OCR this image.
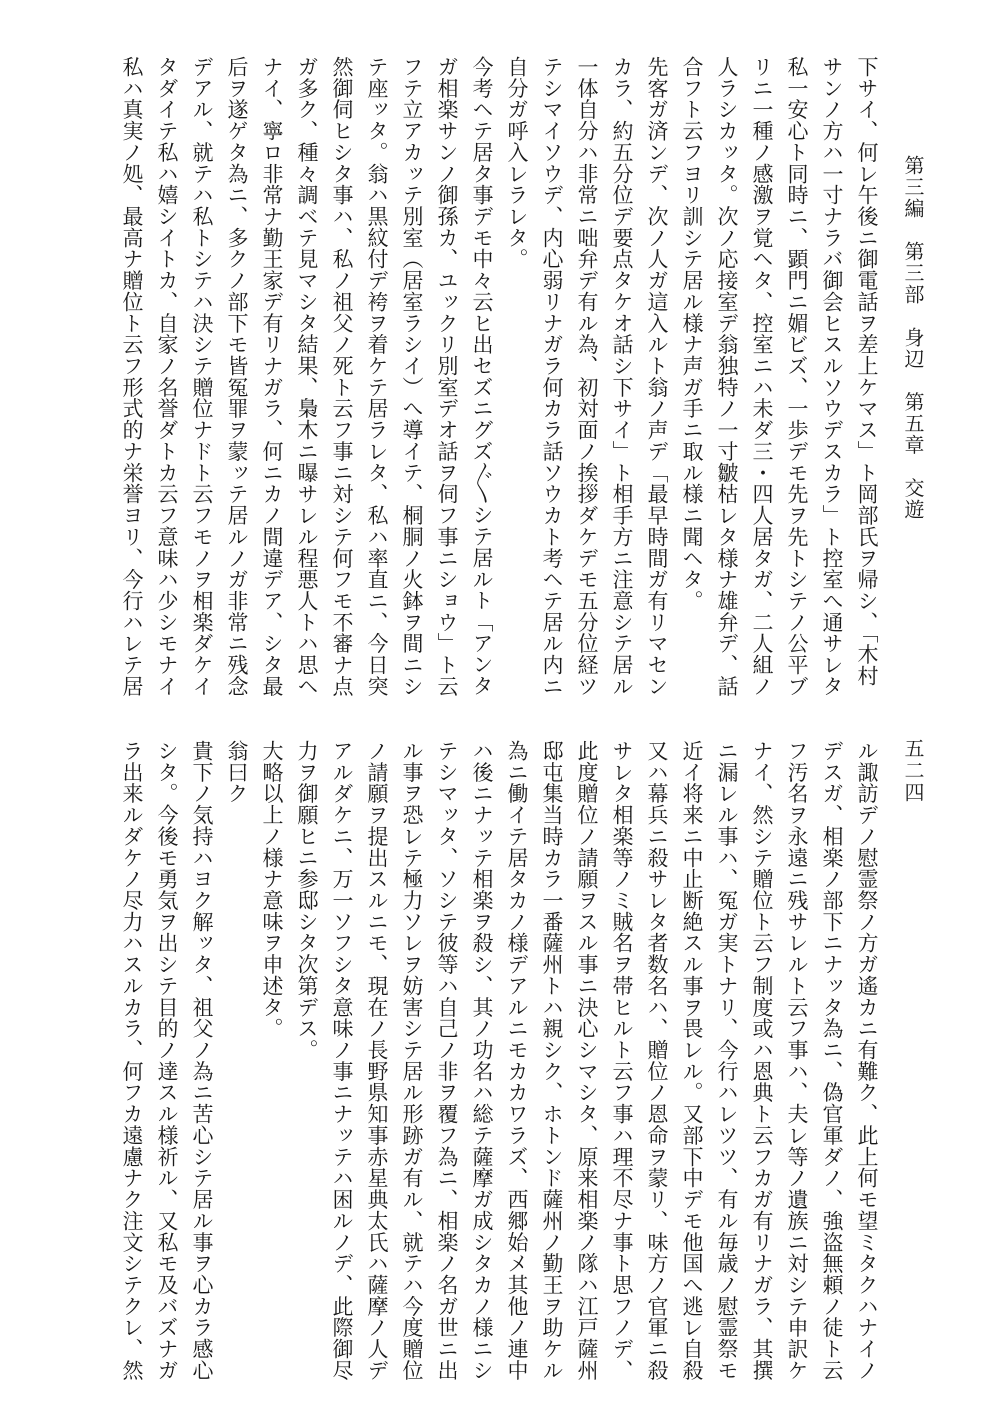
第三編　第三部　身辺　第五章　交遊
五二四
下サイ、何レ午後ニ御電話ヲ差上ケマス」ト岡部氏ヲ帰シ、「木村
サンノ方ハ一寸ナラバ御会ヒスルソウデスカラ」ト控室へ通サレタ
私一安心ト同時ニ、顕門ニ媚ビズ、一歩デモ先ヲ先トシテノ公平ブ
リニ一種ノ感激ヲ覚ヘタ、控室ニハ未ダ三・四人居タガ、二人組ノ
人ラシカッタ。次ノ応接室デ翁独特ノ一寸皺枯レタ様ナ雄弁デ、話
合フト云フヨリ訓シテ居ル様ナ声ガ手ニ取ル様ニ聞ヘタ。
先客ガ済ンデ、次ノ人ガ這入ルト翁ノ声デ「最早時間ガ有リマセン
カラ、約五分位デ要点タケオ話シ下サイ」ト相手方ニ注意シテ居ル
一体自分ハ非常ニ咄弁デ有ル為、初対面ノ挨拶ダケデモ五分位経ツ
テシマイソウデ、内心弱リナガラ何カラ話ソウカト考ヘテ居ル内ニ
自分ガ呼入レラレタ。
今考ヘテ居タ事デモ中々云ヒ出セズニグズ〲シテ居ルト「アンタ
ガ相楽サンノ御孫カ、ユックリ別室デオ話ヲ伺フ事ニショウ」ト云
フテ立アカッテ別室（居室ラシイ）へ導イテ、桐胴ノ火鉢ヲ間ニシ
テ座ッタ。翁ハ黒紋付デ袴ヲ着ケテ居ラレタ、私ハ率直ニ、今日突
然御伺ヒシタ事ハ、私ノ祖父ノ死ト云フ事ニ対シテ何フモ不審ナ点
ガ多ク、種々調ベテ見マシタ結果、梟木ニ曝サレル程悪人トハ思ヘ
ナイ、寧ロ非常ナ勤王家デ有リナガラ、何ニカノ間違デア、シタ最
后ヲ遂ゲタ為ニ、多クノ部下モ皆冤罪ヲ蒙ッテ居ルノガ非常ニ残念
デアル、就テハ私トシテハ決シテ贈位ナドト云フモノヲ相楽ダケイ
タダイテ私ハ嬉シイトカ、自家ノ名誉ダトカ云フ意味ハ少シモナイ
私ハ真実ノ処、最高ナ贈位ト云フ形式的ナ栄誉ヨリ、今行ハレテ居
ル諏訪デノ慰霊祭ノ方ガ遙カニ有難ク、此上何モ望ミタクハナイノ
デスガ、相楽ノ部下ニナッタ為ニ、偽官軍ダノ、強盗無頼ノ徒ト云
フ汚名ヲ永遠ニ残サレルト云フ事ハ、夫レ等ノ遺族ニ対シテ申訳ケ
ナイ、然シテ贈位ト云フ制度或ハ恩典ト云フカガ有リナガラ、其撰
ニ漏レル事ハ、冤ガ実トナリ、今行ハレツツ、有ル毎歳ノ慰霊祭モ
近イ将来ニ中止断絶スル事ヲ畏レル。又部下中デモ他国へ逃レ自殺
又ハ幕兵ニ殺サレタ者数名ハ、贈位ノ恩命ヲ蒙リ、味方ノ官軍ニ殺
サレタ相楽等ノミ賊名ヲ帯ヒルト云フ事ハ理不尽ナ事ト思フノデ、
此度贈位ノ請願ヲスル事ニ決心シマシタ、原来相楽ノ隊ハ江戸薩州
邸屯集当時カラ一番薩州トハ親シク、ホトンド薩州ノ勤王ヲ助ケル
為ニ働イテ居タカノ様デアルニモカカワラズ、西郷始メ其他ノ連中
ハ後ニナッテ相楽ヲ殺シ、其ノ功名ハ総テ薩摩ガ成シタカノ様ニシ
テシマッタ、ソシテ彼等ハ自己ノ非ヲ覆フ為ニ、相楽ノ名ガ世ニ出
ル事ヲ恐レテ極力ソレヲ妨害シテ居ル形跡ガ有ル、就テハ今度贈位
ノ請願ヲ提出スルニモ、現在ノ長野県知事赤星典太氏ハ薩摩ノ人デ
アルダケニ、万一ソフシタ意味ノ事ニナッテハ困ルノデ、此際御尽
力ヲ御願ヒニ参邸シタ次第デス。
大略以上ノ様ナ意味ヲ申述タ。
翁曰ク
貴下ノ気持ハヨク解ッタ、祖父ノ為ニ苦心シテ居ル事ヲ心カラ感心
シタ。今後モ勇気ヲ出シテ目的ノ達スル様祈ル、又私モ及バズナガ
ラ出来ルダケノ尽力ハスルカラ、何フカ遠慮ナク注文シテクレ、然
